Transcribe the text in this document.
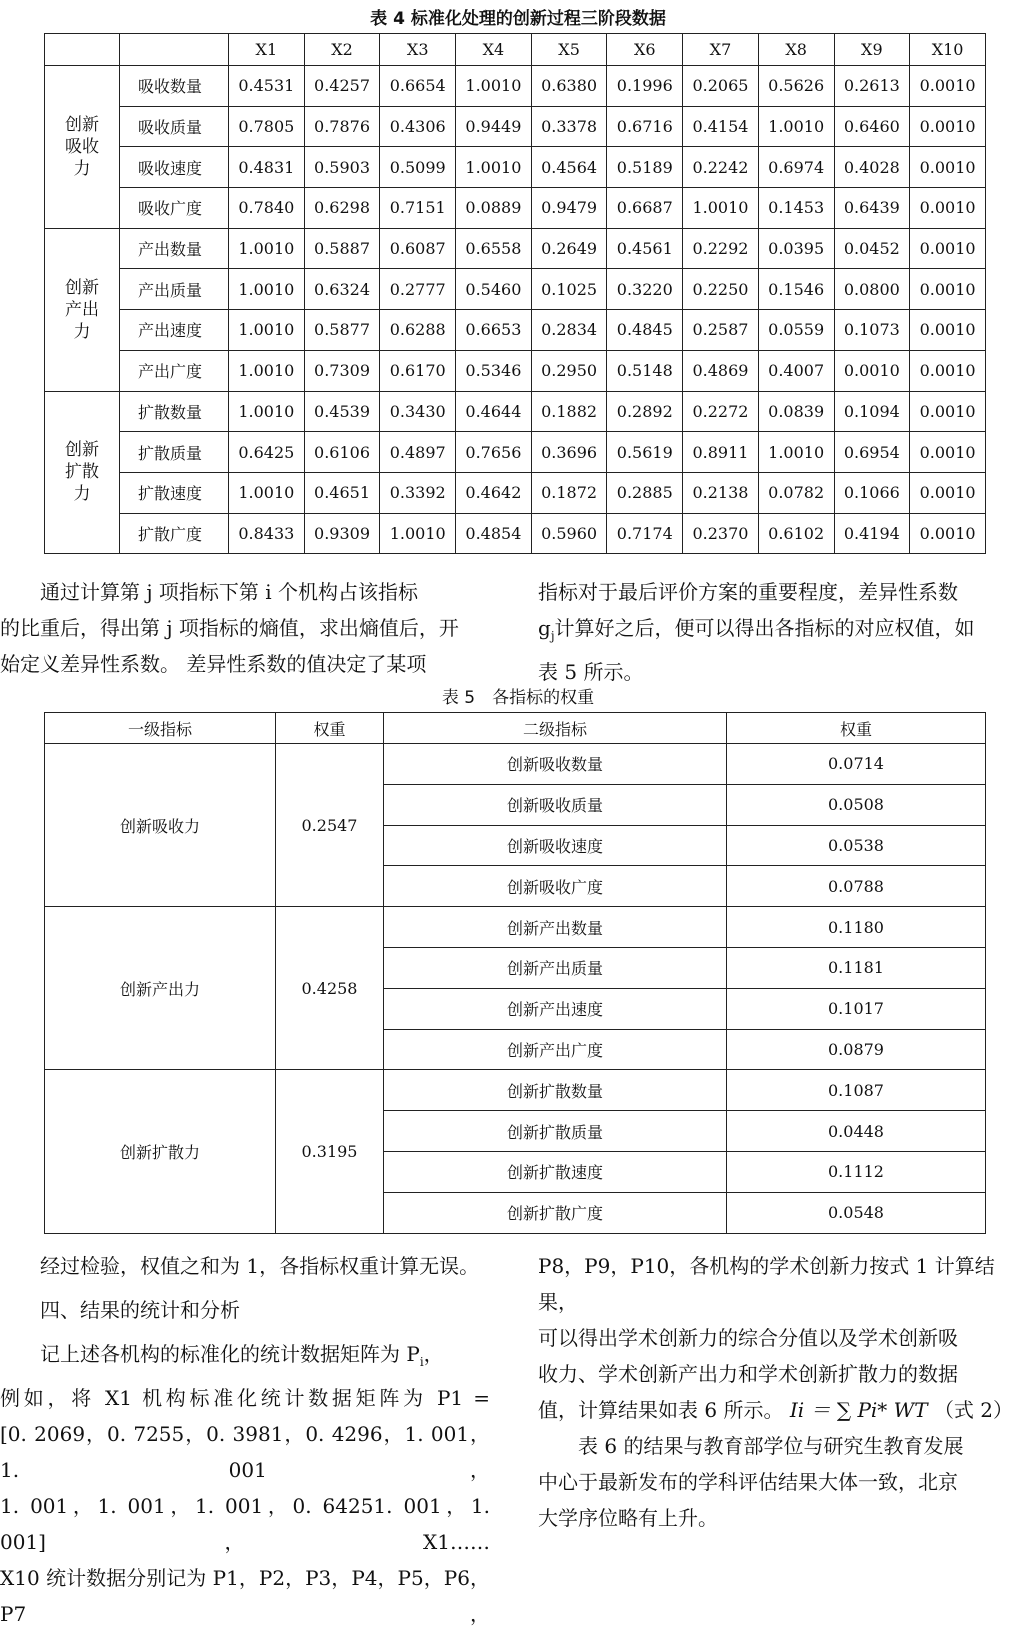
表 4 标准化处理的创新过程三阶段数据
		X1	X2	X3	X4	X5	X6	X7	X8	X9	X10
创新吸收力	吸收数量	0.4531	0.4257	0.6654	1.0010	0.6380	0.1996	0.2065	0.5626	0.2613	0.0010
	吸收质量	0.7805	0.7876	0.4306	0.9449	0.3378	0.6716	0.4154	1.0010	0.6460	0.0010
	吸收速度	0.4831	0.5903	0.5099	1.0010	0.4564	0.5189	0.2242	0.6974	0.4028	0.0010
	吸收广度	0.7840	0.6298	0.7151	0.0889	0.9479	0.6687	1.0010	0.1453	0.6439	0.0010
创新产出力	产出数量	1.0010	0.5887	0.6087	0.6558	0.2649	0.4561	0.2292	0.0395	0.0452	0.0010
	产出质量	1.0010	0.6324	0.2777	0.5460	0.1025	0.3220	0.2250	0.1546	0.0800	0.0010
	产出速度	1.0010	0.5877	0.6288	0.6653	0.2834	0.4845	0.2587	0.0559	0.1073	0.0010
	产出广度	1.0010	0.7309	0.6170	0.5346	0.2950	0.5148	0.4869	0.4007	0.0010	0.0010
创新扩散力	扩散数量	1.0010	0.4539	0.3430	0.4644	0.1882	0.2892	0.2272	0.0839	0.1094	0.0010
	扩散质量	0.6425	0.6106	0.4897	0.7656	0.3696	0.5619	0.8911	1.0010	0.6954	0.0010
	扩散速度	1.0010	0.4651	0.3392	0.4642	0.1872	0.2885	0.2138	0.0782	0.1066	0.0010
	扩散广度	0.8433	0.9309	1.0010	0.4854	0.5960	0.7174	0.2370	0.6102	0.4194	0.0010
通过计算第 j 项指标下第 i 个机构占该指标
的比重后，得出第 j 项指标的熵值，求出熵值后，开
始定义差异性系数。 差异性系数的值决定了某项
指标对于最后评价方案的重要程度，差异性系数
$g_j$计算好之后，便可以得出各指标的对应权值，如
表 5 所示。
表 5　各指标的权重
一级指标	权重	二级指标	权重
创新吸收力	0.2547	创新吸收数量	0.0714
		创新吸收质量	0.0508
		创新吸收速度	0.0538
		创新吸收广度	0.0788
创新产出力	0.4258	创新产出数量	0.1180
		创新产出质量	0.1181
		创新产出速度	0.1017
		创新产出广度	0.0879
创新扩散力	0.3195	创新扩散数量	0.1087
		创新扩散质量	0.0448
		创新扩散速度	0.1112
		创新扩散广度	0.0548
经过检验，权值之和为 1，各指标权重计算无误。
四、结果的统计和分析
记上述各机构的标准化的统计数据矩阵为 $P_i$，
例如，将 X1 机构标准化统计数据矩阵为 P1 =
[0. 2069，0. 7255，0. 3981，0. 4296，1. 001，1. 001，
1. 001，1. 001，1. 001，0. 64251. 001，1. 001]，X1……
X10 统计数据分别记为 P1，P2，P3，P4，P5，P6，P7，
P8，P9，P10，各机构的学术创新力按式 1 计算结果，
可以得出学术创新力的综合分值以及学术创新吸
收力、学术创新产出力和学术创新扩散力的数据
值，计算结果如表 6 所示。 Ii ＝ ∑ Pi* WT （式 2）
表 6 的结果与教育部学位与研究生教育发展
中心于最新发布的学科评估结果大体一致，北京
大学序位略有上升。
